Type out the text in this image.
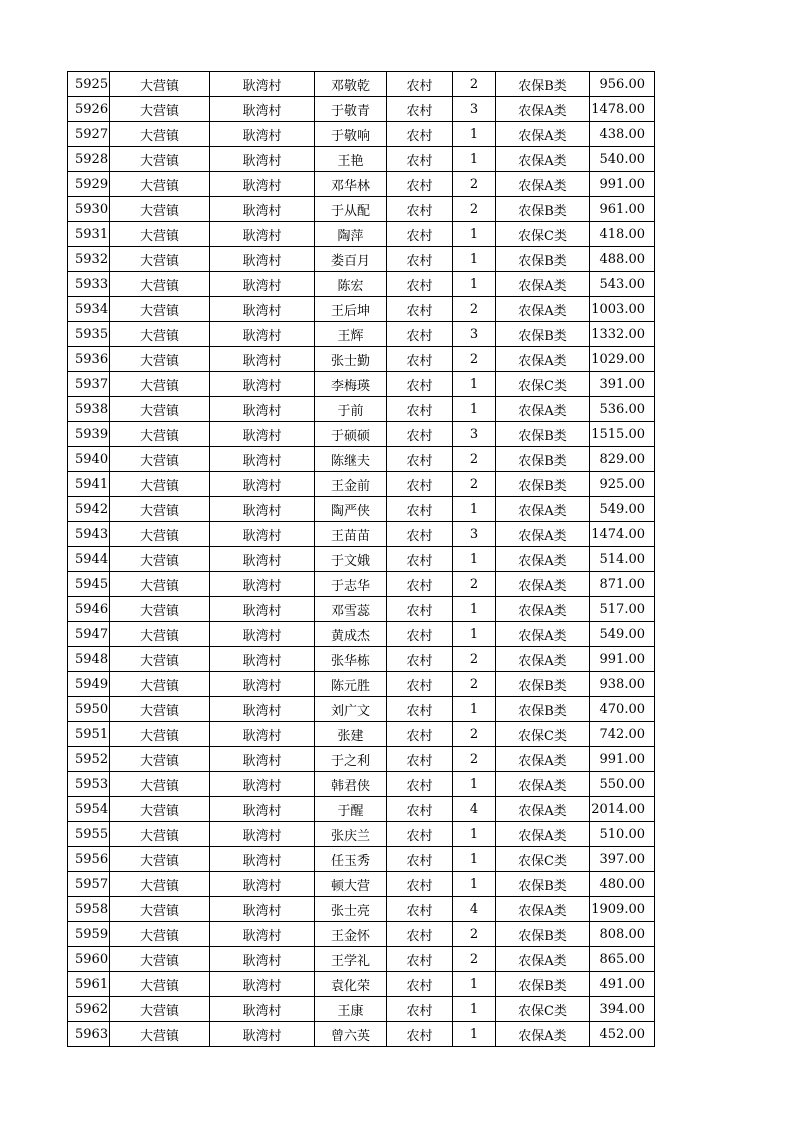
5925	大营镇	耿湾村	邓敬乾	农村	2	农保B类	956.00
5926	大营镇	耿湾村	于敬青	农村	3	农保A类	1478.00
5927	大营镇	耿湾村	于敬响	农村	1	农保A类	438.00
5928	大营镇	耿湾村	王艳	农村	1	农保A类	540.00
5929	大营镇	耿湾村	邓华林	农村	2	农保A类	991.00
5930	大营镇	耿湾村	于从配	农村	2	农保B类	961.00
5931	大营镇	耿湾村	陶萍	农村	1	农保C类	418.00
5932	大营镇	耿湾村	娄百月	农村	1	农保B类	488.00
5933	大营镇	耿湾村	陈宏	农村	1	农保A类	543.00
5934	大营镇	耿湾村	王后坤	农村	2	农保A类	1003.00
5935	大营镇	耿湾村	王辉	农村	3	农保B类	1332.00
5936	大营镇	耿湾村	张士勤	农村	2	农保A类	1029.00
5937	大营镇	耿湾村	李梅瑛	农村	1	农保C类	391.00
5938	大营镇	耿湾村	于前	农村	1	农保A类	536.00
5939	大营镇	耿湾村	于硕硕	农村	3	农保B类	1515.00
5940	大营镇	耿湾村	陈继夫	农村	2	农保B类	829.00
5941	大营镇	耿湾村	王金前	农村	2	农保B类	925.00
5942	大营镇	耿湾村	陶严侠	农村	1	农保A类	549.00
5943	大营镇	耿湾村	王苗苗	农村	3	农保A类	1474.00
5944	大营镇	耿湾村	于文娥	农村	1	农保A类	514.00
5945	大营镇	耿湾村	于志华	农村	2	农保A类	871.00
5946	大营镇	耿湾村	邓雪蕊	农村	1	农保A类	517.00
5947	大营镇	耿湾村	黄成杰	农村	1	农保A类	549.00
5948	大营镇	耿湾村	张华栋	农村	2	农保A类	991.00
5949	大营镇	耿湾村	陈元胜	农村	2	农保B类	938.00
5950	大营镇	耿湾村	刘广文	农村	1	农保B类	470.00
5951	大营镇	耿湾村	张建	农村	2	农保C类	742.00
5952	大营镇	耿湾村	于之利	农村	2	农保A类	991.00
5953	大营镇	耿湾村	韩君侠	农村	1	农保A类	550.00
5954	大营镇	耿湾村	于醒	农村	4	农保A类	2014.00
5955	大营镇	耿湾村	张庆兰	农村	1	农保A类	510.00
5956	大营镇	耿湾村	任玉秀	农村	1	农保C类	397.00
5957	大营镇	耿湾村	顿大营	农村	1	农保B类	480.00
5958	大营镇	耿湾村	张士亮	农村	4	农保A类	1909.00
5959	大营镇	耿湾村	王金怀	农村	2	农保B类	808.00
5960	大营镇	耿湾村	王学礼	农村	2	农保A类	865.00
5961	大营镇	耿湾村	袁化荣	农村	1	农保B类	491.00
5962	大营镇	耿湾村	王康	农村	1	农保C类	394.00
5963	大营镇	耿湾村	曾六英	农村	1	农保A类	452.00
